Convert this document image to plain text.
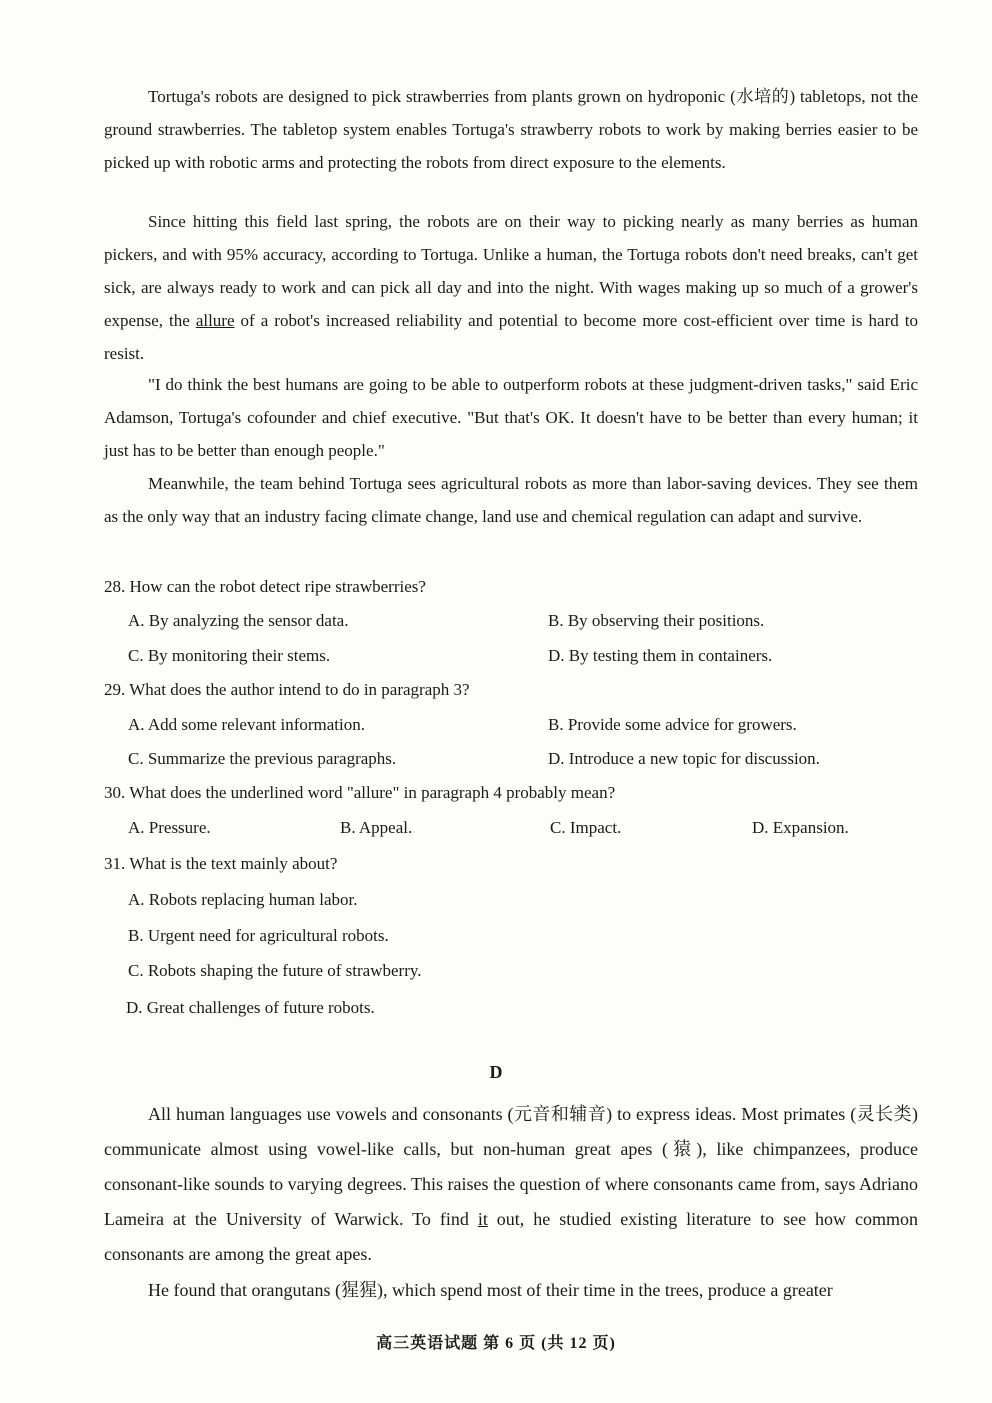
Tortuga's robots are designed to pick strawberries from plants grown on hydroponic (水培的) tabletops, not the ground strawberries. The tabletop system enables Tortuga's strawberry robots to work by making berries easier to be picked up with robotic arms and protecting the robots from direct exposure to the elements.

Since hitting this field last spring, the robots are on their way to picking nearly as many berries as human pickers, and with 95% accuracy, according to Tortuga. Unlike a human, the Tortuga robots don't need breaks, can't get sick, are always ready to work and can pick all day and into the night. With wages making up so much of a grower's expense, the allure of a robot's increased reliability and potential to become more cost-efficient over time is hard to resist.

"I do think the best humans are going to be able to outperform robots at these judgment-driven tasks," said Eric Adamson, Tortuga's cofounder and chief executive. "But that's OK. It doesn't have to be better than every human; it just has to be better than enough people."

Meanwhile, the team behind Tortuga sees agricultural robots as more than labor-saving devices. They see them as the only way that an industry facing climate change, land use and chemical regulation can adapt and survive.

28. How can the robot detect ripe strawberries?
A. By analyzing the sensor data.	B. By observing their positions.
C. By monitoring their stems.	D. By testing them in containers.
29. What does the author intend to do in paragraph 3?
A. Add some relevant information.	B. Provide some advice for growers.
C. Summarize the previous paragraphs.	D. Introduce a new topic for discussion.
30. What does the underlined word "allure" in paragraph 4 probably mean?
A. Pressure.	B. Appeal.	C. Impact.	D. Expansion.
31. What is the text mainly about?
A. Robots replacing human labor.
B. Urgent need for agricultural robots.
C. Robots shaping the future of strawberry.
D. Great challenges of future robots.
D

All human languages use vowels and consonants (元音和辅音) to express ideas. Most primates (灵长类) communicate almost using vowel-like calls, but non-human great apes (猿), like chimpanzees, produce consonant-like sounds to varying degrees. This raises the question of where consonants came from, says Adriano Lameira at the University of Warwick. To find it out, he studied existing literature to see how common consonants are among the great apes.

He found that orangutans (猩猩), which spend most of their time in the trees, produce a greater

高三英语试题 第 6 页 (共 12 页)
